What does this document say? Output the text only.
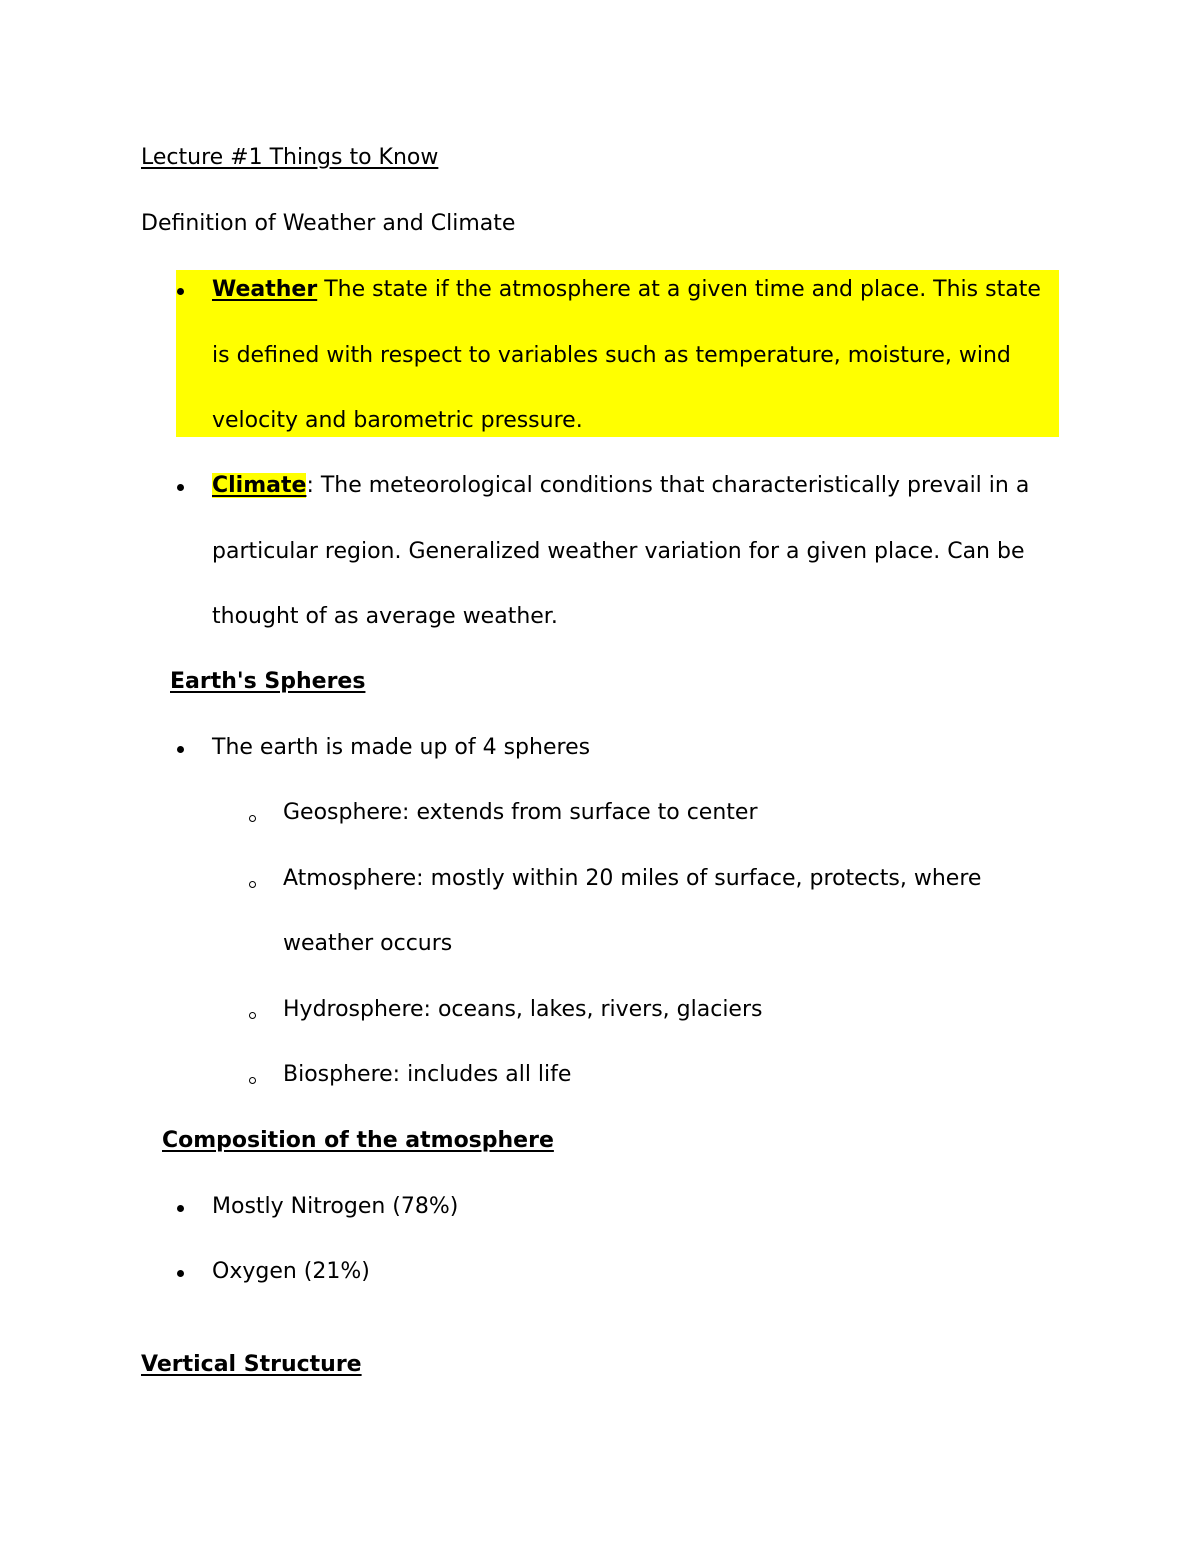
Lecture #1 Things to Know
Definition of Weather and Climate
Weather The state if the atmosphere at a given time and place. This state
is defined with respect to variables such as temperature, moisture, wind
velocity and barometric pressure.
Climate: The meteorological conditions that characteristically prevail in a
particular region. Generalized weather variation for a given place. Can be
thought of as average weather.
Earth's Spheres
The earth is made up of 4 spheres
Geosphere: extends from surface to center
Atmosphere: mostly within 20 miles of surface, protects, where
weather occurs
Hydrosphere: oceans, lakes, rivers, glaciers
Biosphere: includes all life
Composition of the atmosphere
Mostly Nitrogen (78%)
Oxygen (21%)
Vertical Structure
